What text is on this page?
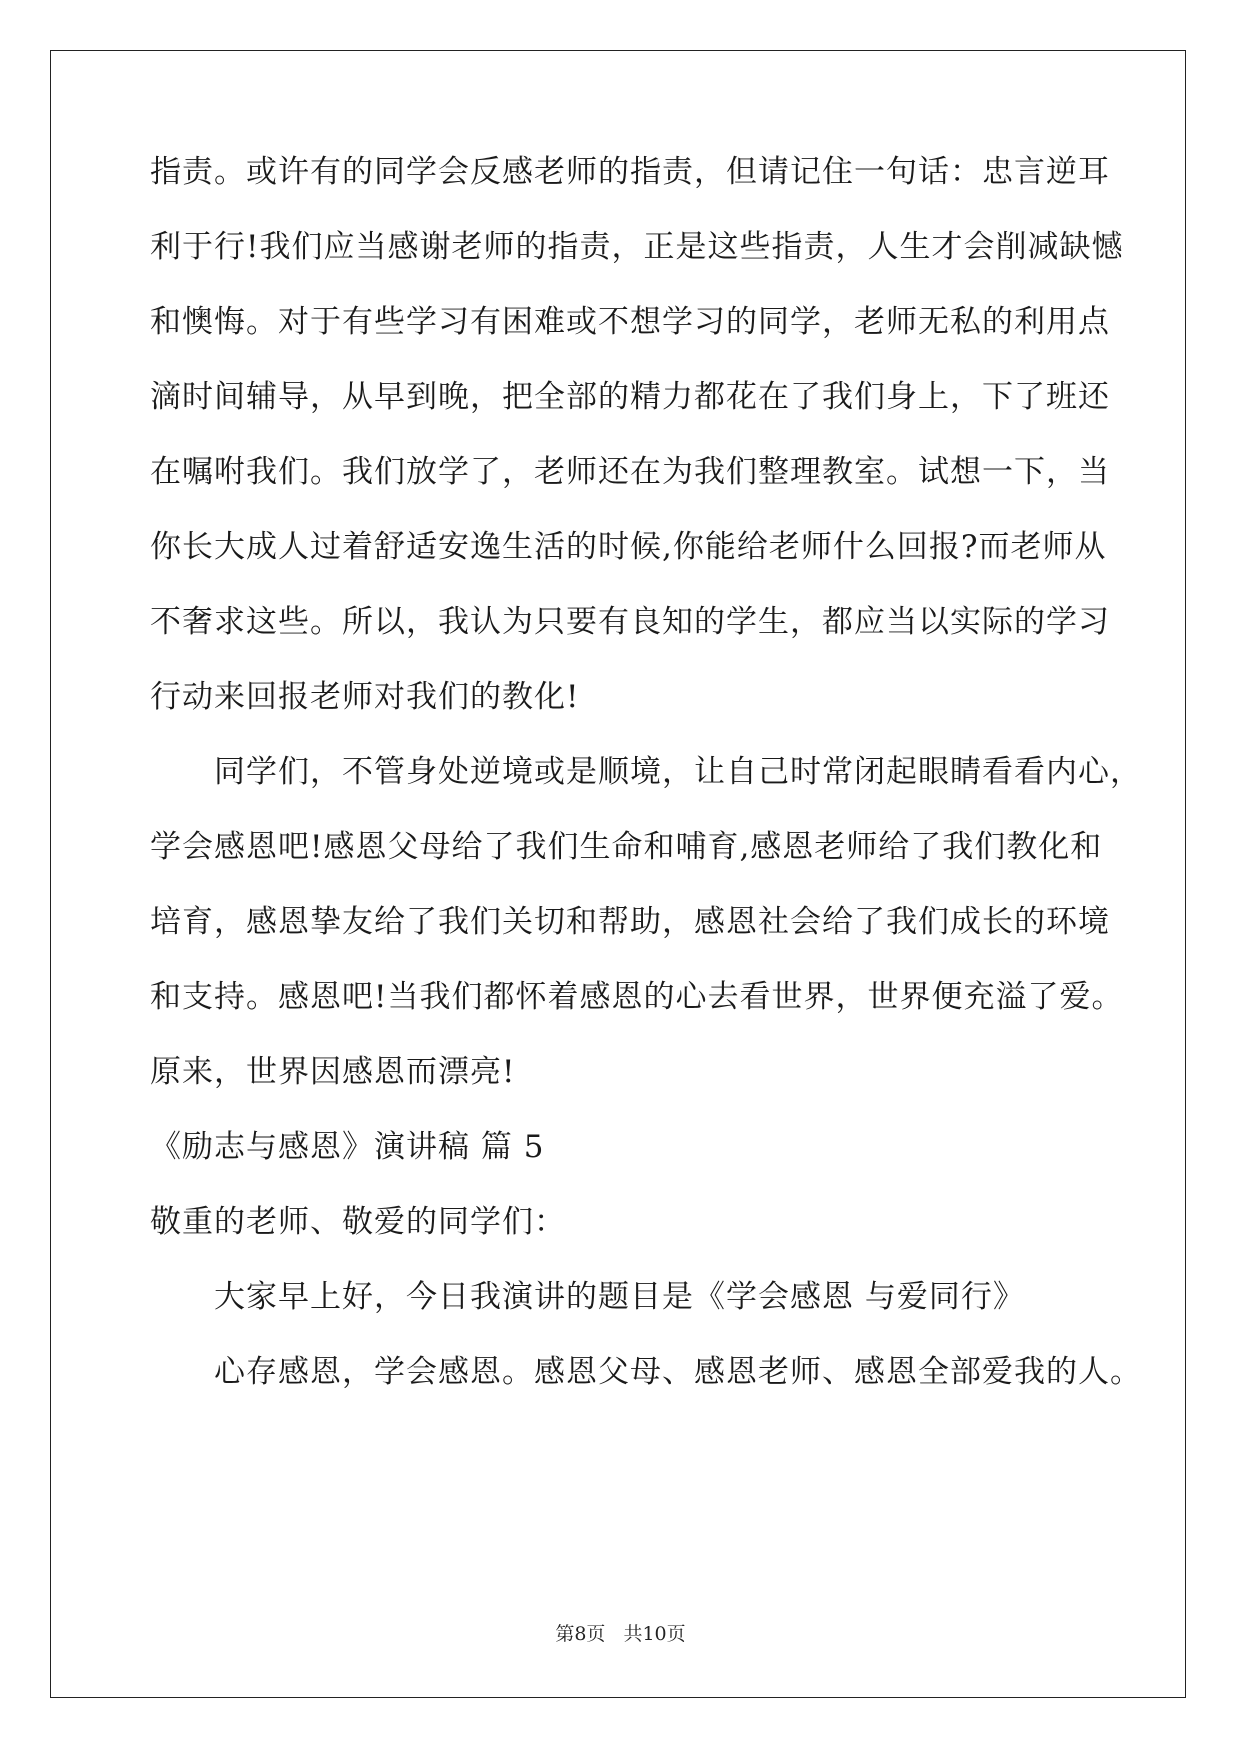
指责。或许有的同学会反感老师的指责，但请记住一句话：忠言逆耳
利于行!我们应当感谢老师的指责，正是这些指责，人生才会削减缺憾
和懊悔。对于有些学习有困难或不想学习的同学，老师无私的利用点
滴时间辅导，从早到晚，把全部的精力都花在了我们身上，下了班还
在嘱咐我们。我们放学了，老师还在为我们整理教室。试想一下，当
你长大成人过着舒适安逸生活的时候,你能给老师什么回报?而老师从
不奢求这些。所以，我认为只要有良知的学生，都应当以实际的学习
行动来回报老师对我们的教化!
同学们，不管身处逆境或是顺境，让自己时常闭起眼睛看看内心，
学会感恩吧!感恩父母给了我们生命和哺育,感恩老师给了我们教化和
培育，感恩挚友给了我们关切和帮助，感恩社会给了我们成长的环境
和支持。感恩吧!当我们都怀着感恩的心去看世界，世界便充溢了爱。
原来，世界因感恩而漂亮!
《励志与感恩》演讲稿 篇 5
敬重的老师、敬爱的同学们：
大家早上好，今日我演讲的题目是《学会感恩 与爱同行》
心存感恩，学会感恩。感恩父母、感恩老师、感恩全部爱我的人。
第8页 共10页
